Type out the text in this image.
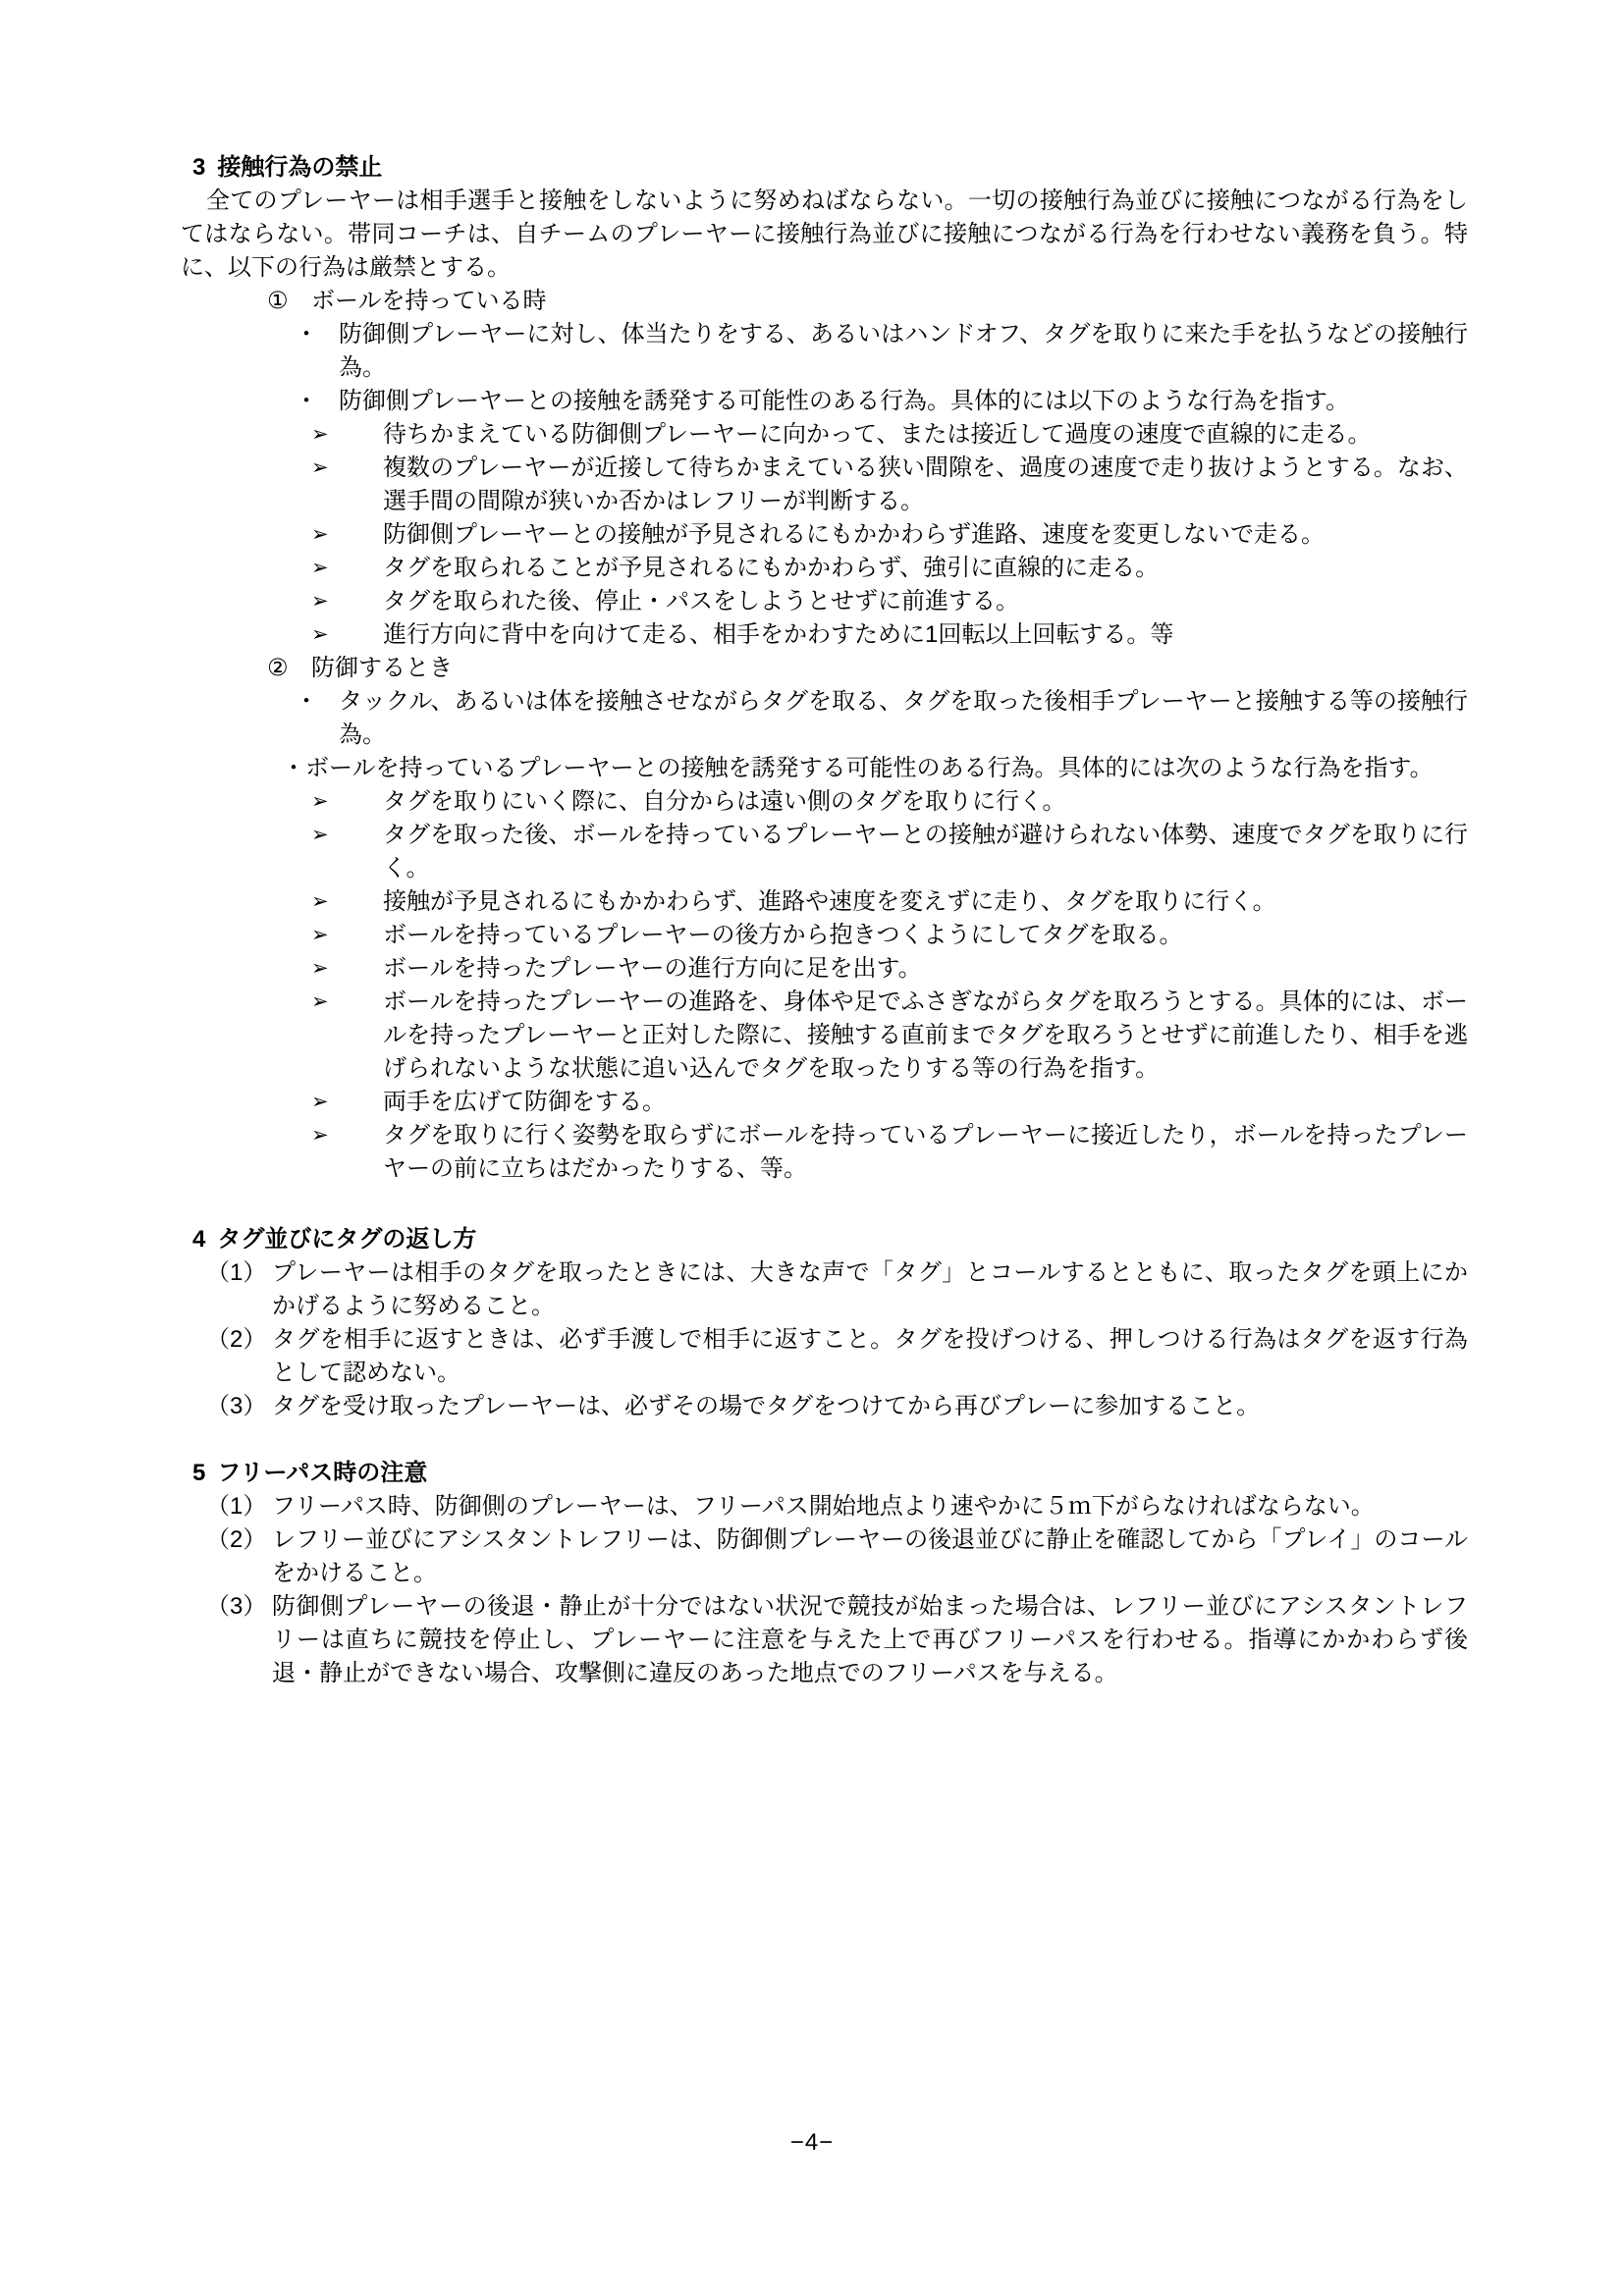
3 接触行為の禁止
全てのプレーヤーは相手選手と接触をしないように努めねばならない。一切の接触行為並びに接触につながる行為をしてはならない。帯同コーチは、自チームのプレーヤーに接触行為並びに接触につながる行為を行わせない義務を負う。特に、以下の行為は厳禁とする。
① ボールを持っている時
・ 防御側プレーヤーに対し、体当たりをする、あるいはハンドオフ、タグを取りに来た手を払うなどの接触行為。
・ 防御側プレーヤーとの接触を誘発する可能性のある行為。具体的には以下のような行為を指す。
➢	待ちかまえている防御側プレーヤーに向かって、または接近して過度の速度で直線的に走る。
➢	複数のプレーヤーが近接して待ちかまえている狭い間隙を、過度の速度で走り抜けようとする。なお、選手間の間隙が狭いか否かはレフリーが判断する。
➢	防御側プレーヤーとの接触が予見されるにもかかわらず進路、速度を変更しないで走る。
➢	タグを取られることが予見されるにもかかわらず、強引に直線的に走る。
➢	タグを取られた後、停止・パスをしようとせずに前進する。
➢	進行方向に背中を向けて走る、相手をかわすために1回転以上回転する。等
② 防御するとき
・ タックル、あるいは体を接触させながらタグを取る、タグを取った後相手プレーヤーと接触する等の接触行為。
・ ボールを持っているプレーヤーとの接触を誘発する可能性のある行為。具体的には次のような行為を指す。
➢	タグを取りにいく際に、自分からは遠い側のタグを取りに行く。
➢	タグを取った後、ボールを持っているプレーヤーとの接触が避けられない体勢、速度でタグを取りに行く。
➢	接触が予見されるにもかかわらず、進路や速度を変えずに走り、タグを取りに行く。
➢	ボールを持っているプレーヤーの後方から抱きつくようにしてタグを取る。
➢	ボールを持ったプレーヤーの進行方向に足を出す。
➢	ボールを持ったプレーヤーの進路を、身体や足でふさぎながらタグを取ろうとする。具体的には、ボールを持ったプレーヤーと正対した際に、接触する直前までタグを取ろうとせずに前進したり、相手を逃げられないような状態に追い込んでタグを取ったりする等の行為を指す。
➢	両手を広げて防御をする。
➢	タグを取りに行く姿勢を取らずにボールを持っているプレーヤーに接近したり，ボールを持ったプレーヤーの前に立ちはだかったりする、等。
4 タグ並びにタグの返し方
（1） プレーヤーは相手のタグを取ったときには、大きな声で「タグ」とコールするとともに、取ったタグを頭上にかかげるように努めること。
（2） タグを相手に返すときは、必ず手渡しで相手に返すこと。タグを投げつける、押しつける行為はタグを返す行為として認めない。
（3） タグを受け取ったプレーヤーは、必ずその場でタグをつけてから再びプレーに参加すること。
5 フリーパス時の注意
（1） フリーパス時、防御側のプレーヤーは、フリーパス開始地点より速やかに５ｍ下がらなければならない。
（2） レフリー並びにアシスタントレフリーは、防御側プレーヤーの後退並びに静止を確認してから「プレイ」のコールをかけること。
（3） 防御側プレーヤーの後退・静止が十分ではない状況で競技が始まった場合は、レフリー並びにアシスタントレフリーは直ちに競技を停止し、プレーヤーに注意を与えた上で再びフリーパスを行わせる。指導にかかわらず後退・静止ができない場合、攻撃側に違反のあった地点でのフリーパスを与える。
−4−
